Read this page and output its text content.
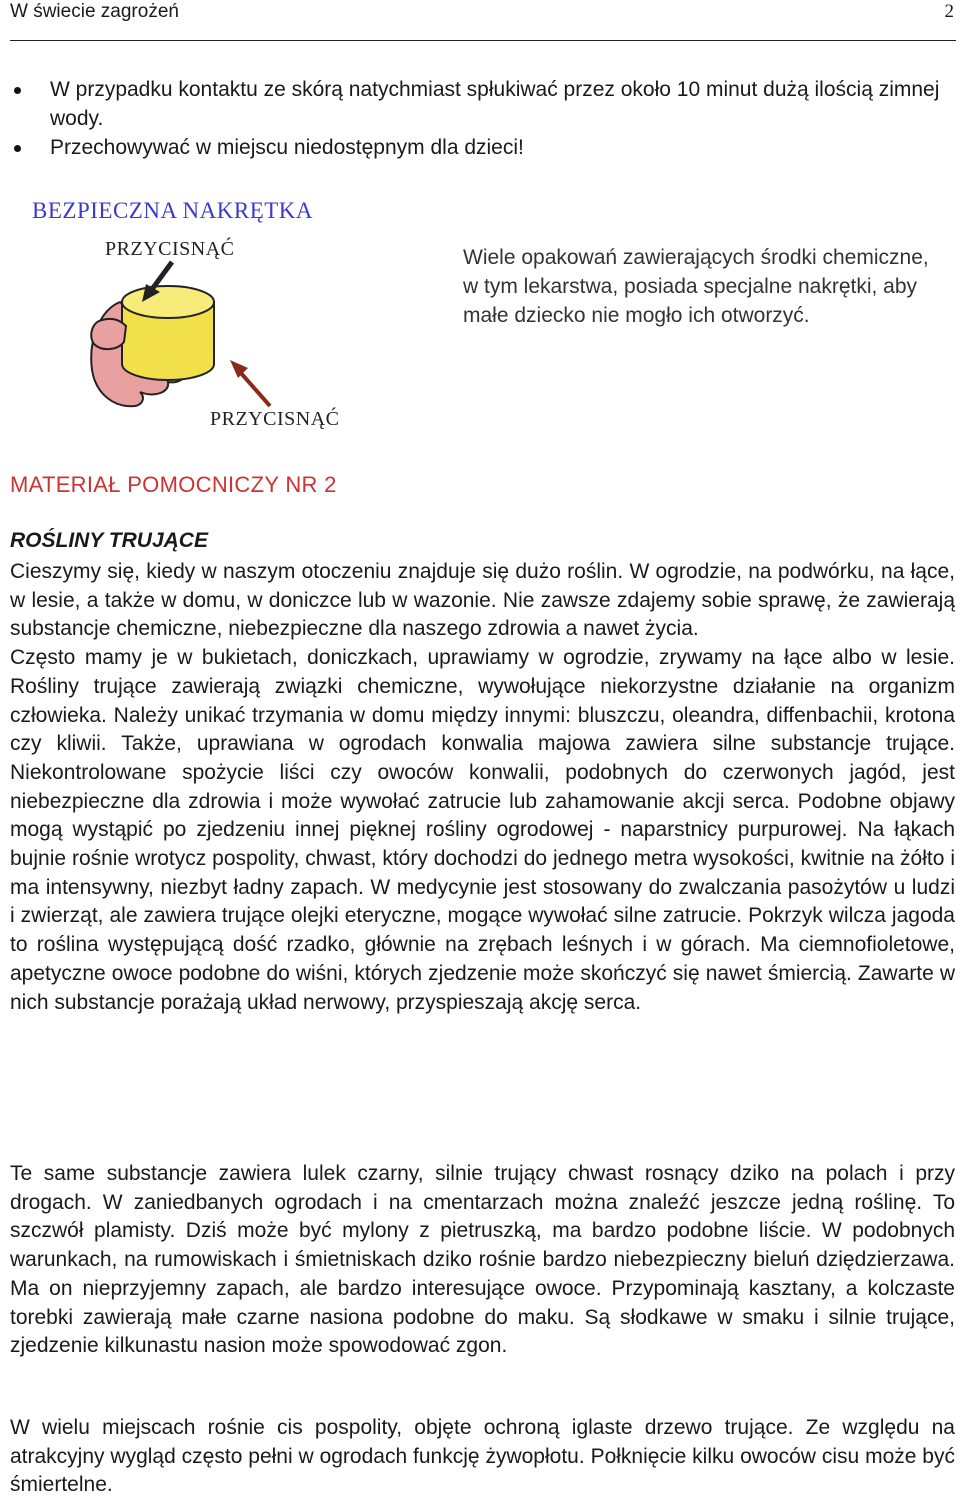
W świecie zagrożeń	2
W przypadku kontaktu ze skórą natychmiast spłukiwać przez około 10 minut dużą ilością zimnej wody.
Przechowywać w miejscu niedostępnym dla dzieci!
BEZPIECZNA NAKRĘTKA
PRZYCISNĄĆ
PRZYCISNĄĆ
Wiele opakowań zawierających środki chemiczne, w tym lekarstwa, posiada specjalne nakrętki, aby małe dziecko nie mogło ich otworzyć.
MATERIAŁ POMOCNICZY NR 2
ROŚLINY TRUJĄCE

Cieszymy się, kiedy w naszym otoczeniu znajduje się dużo roślin. W ogrodzie, na podwórku, na łące, w lesie, a także w domu, w doniczce lub w wazonie. Nie zawsze zdajemy sobie sprawę, że zawierają substancje chemiczne, niebezpieczne dla naszego zdrowia a nawet życia.

Często mamy je w bukietach, doniczkach, uprawiamy w ogrodzie, zrywamy na łące albo w lesie. Rośliny trujące zawierają związki chemiczne, wywołujące niekorzystne działanie na organizm człowieka. Należy unikać trzymania w domu między innymi: bluszczu, oleandra, diffenbachii, krotona czy kliwii. Także, uprawiana w ogrodach konwalia majowa zawiera silne substancje trujące. Niekontrolowane spożycie liści czy owoców konwalii, podobnych do czerwonych jagód, jest niebezpieczne dla zdrowia i może wywołać zatrucie lub zahamowanie akcji serca. Podobne objawy mogą wystąpić po zjedzeniu innej pięknej rośliny ogrodowej - naparstnicy purpurowej. Na łąkach bujnie rośnie wrotycz pospolity, chwast, który dochodzi do jednego metra wysokości, kwitnie na żółto i ma intensywny, niezbyt ładny zapach. W medycynie jest stosowany do zwalczania pasożytów u ludzi i zwierząt, ale zawiera trujące olejki eteryczne, mogące wywołać silne zatrucie. Pokrzyk wilcza jagoda to roślina występującą dość rzadko, głównie na zrębach leśnych i w górach. Ma ciemnofioletowe, apetyczne owoce podobne do wiśni, których zjedzenie może skończyć się nawet śmiercią. Zawarte w nich substancje porażają układ nerwowy, przyspieszają akcję serca.

Te same substancje zawiera lulek czarny, silnie trujący chwast rosnący dziko na polach i przy drogach. W zaniedbanych ogrodach i na cmentarzach można znaleźć jeszcze jedną roślinę. To szczwół plamisty. Dziś może być mylony z pietruszką, ma bardzo podobne liście. W podobnych warunkach, na rumowiskach i śmietniskach dziko rośnie bardzo niebezpieczny bieluń dziędzierzawa. Ma on nieprzyjemny zapach, ale bardzo interesujące owoce. Przypominają kasztany, a kolczaste torebki zawierają małe czarne nasiona podobne do maku. Są słodkawe w smaku i silnie trujące, zjedzenie kilkunastu nasion może spowodować zgon.

W wielu miejscach rośnie cis pospolity, objęte ochroną iglaste drzewo trujące. Ze względu na atrakcyjny wygląd często pełni w ogrodach funkcję żywopłotu. Połknięcie kilku owoców cisu może być śmiertelne.
